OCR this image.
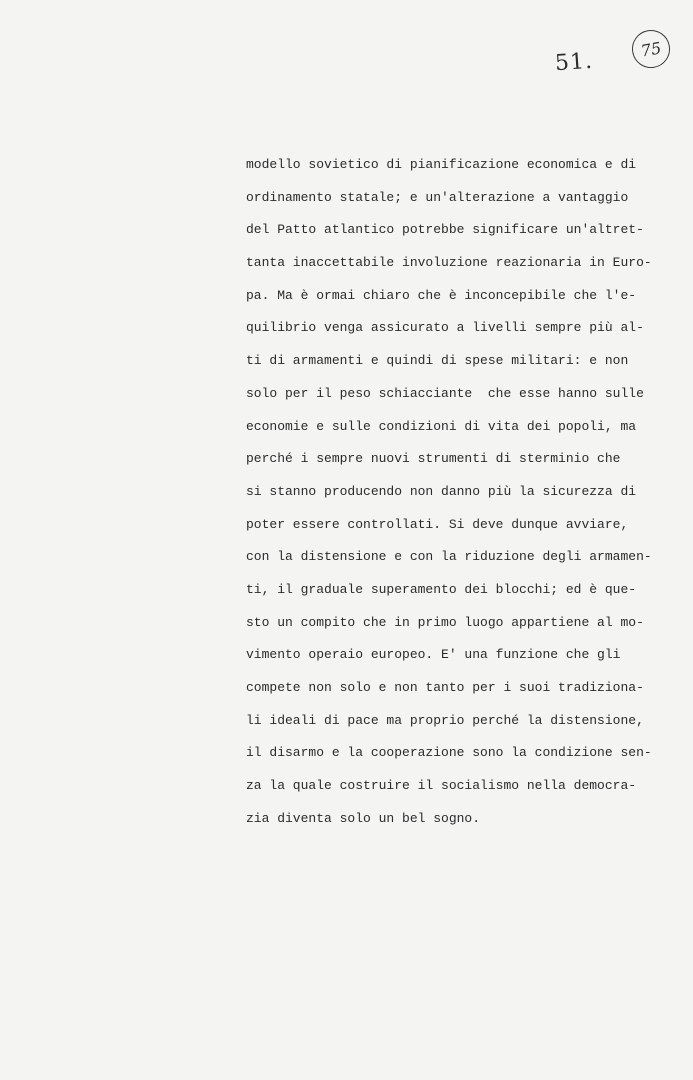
51.	75
modello sovietico di pianificazione economica e di
ordinamento statale; e un'alterazione a vantaggio
del Patto atlantico potrebbe significare un'altret-
tanta inaccettabile involuzione reazionaria in Euro-
pa. Ma è ormai chiaro che è inconcepibile che l'e-
quilibrio venga assicurato a livelli sempre più al-
ti di armamenti e quindi di spese militari: e non
solo per il peso schiacciante  che esse hanno sulle
economie e sulle condizioni di vita dei popoli, ma
perché i sempre nuovi strumenti di sterminio che
si stanno producendo non danno più la sicurezza di
poter essere controllati. Si deve dunque avviare,
con la distensione e con la riduzione degli armamen-
ti, il graduale superamento dei blocchi; ed è que-
sto un compito che in primo luogo appartiene al mo-
vimento operaio europeo. E' una funzione che gli
compete non solo e non tanto per i suoi tradiziona-
li ideali di pace ma proprio perché la distensione,
il disarmo e la cooperazione sono la condizione sen-
za la quale costruire il socialismo nella democra-
zia diventa solo un bel sogno.
